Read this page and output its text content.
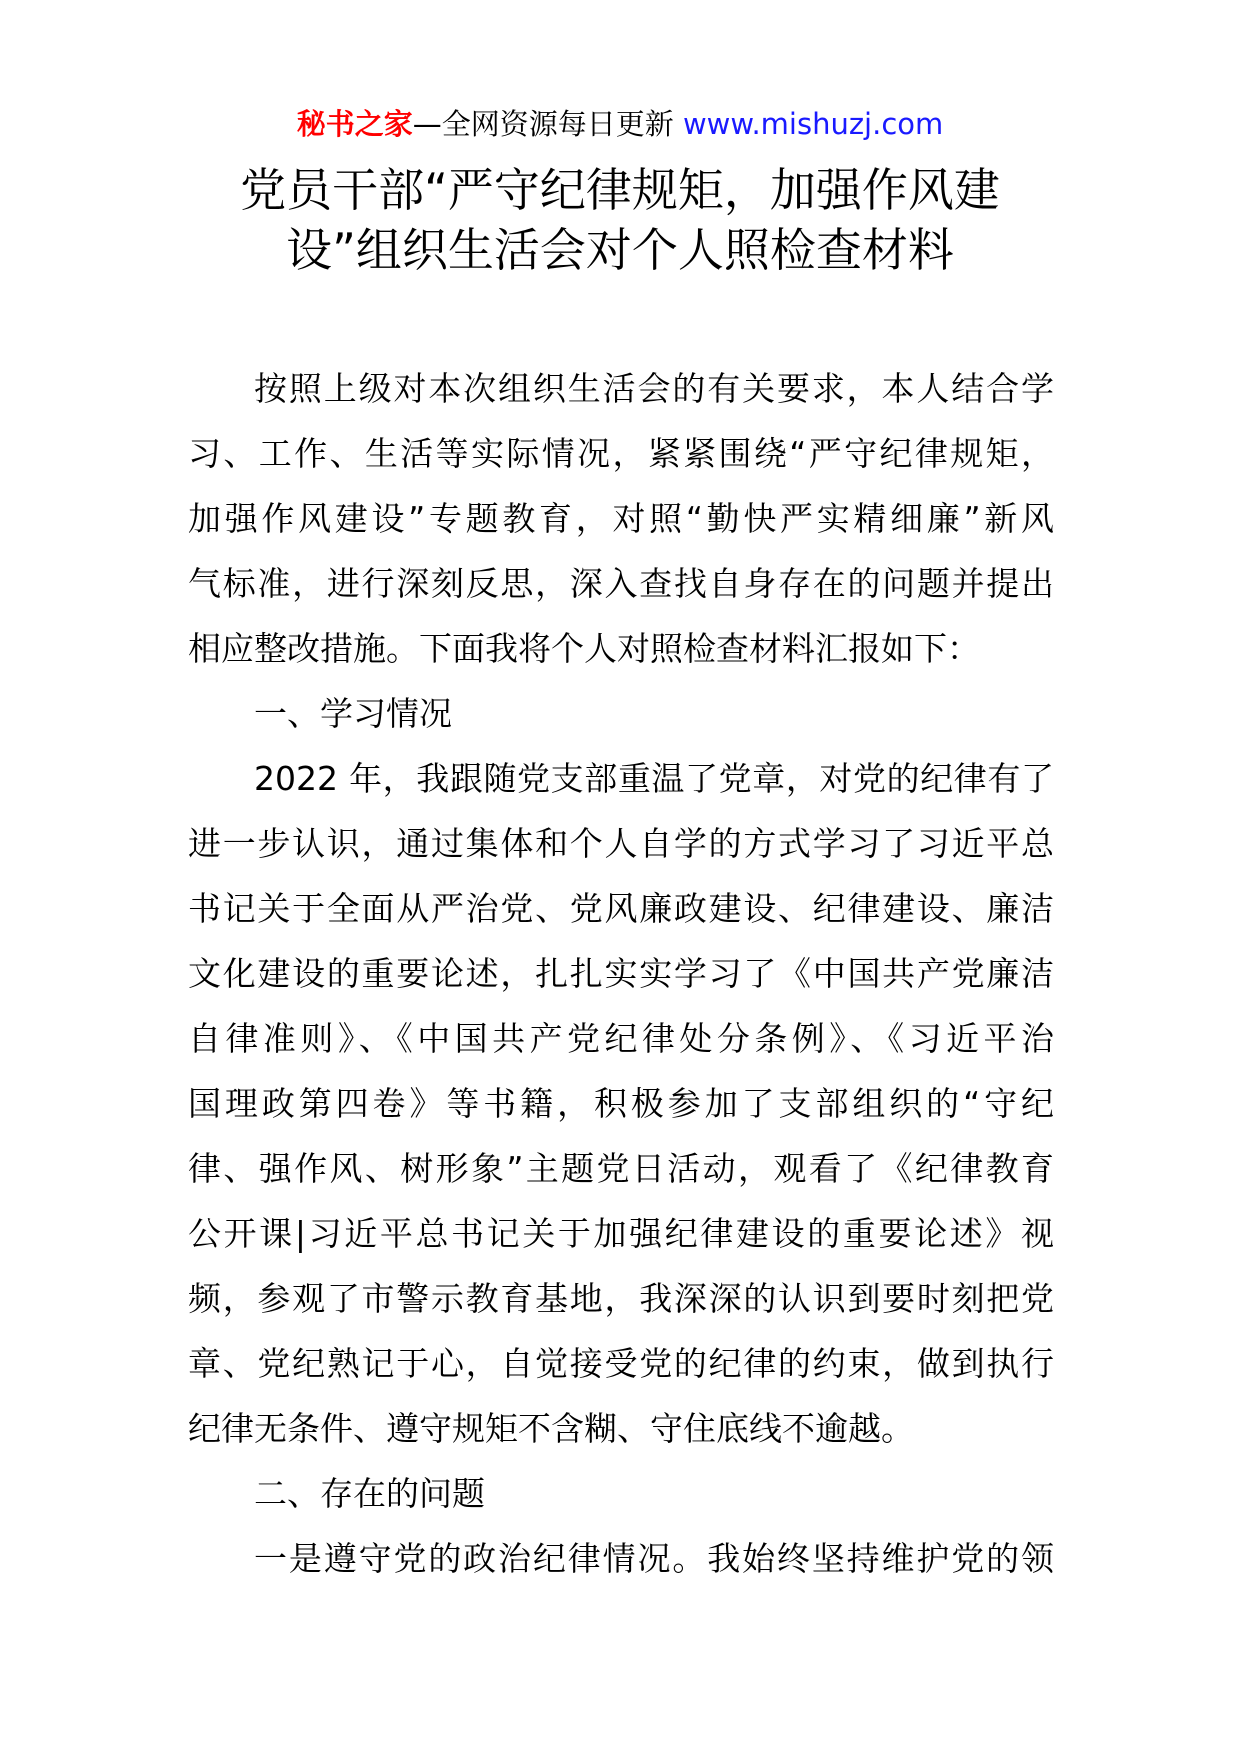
秘书之家—全网资源每日更新 www.mishuzj.com
党员干部“严守纪律规矩，加强作风建
设”组织生活会对个人照检查材料
按照上级对本次组织生活会的有关要求，本人结合学
习、工作、生活等实际情况，紧紧围绕“严守纪律规矩，
加强作风建设”专题教育，对照“勤快严实精细廉”新风
气标准，进行深刻反思，深入查找自身存在的问题并提出
相应整改措施。下面我将个人对照检查材料汇报如下：
一、学习情况
2022 年，我跟随党支部重温了党章，对党的纪律有了
进一步认识，通过集体和个人自学的方式学习了习近平总
书记关于全面从严治党、党风廉政建设、纪律建设、廉洁
文化建设的重要论述，扎扎实实学习了《中国共产党廉洁
自律准则》、《中国共产党纪律处分条例》、《习近平治
国理政第四卷》等书籍，积极参加了支部组织的“守纪
律、强作风、树形象”主题党日活动，观看了《纪律教育
公开课|习近平总书记关于加强纪律建设的重要论述》视
频，参观了市警示教育基地，我深深的认识到要时刻把党
章、党纪熟记于心，自觉接受党的纪律的约束，做到执行
纪律无条件、遵守规矩不含糊、守住底线不逾越。
二、存在的问题
一是遵守党的政治纪律情况。我始终坚持维护党的领
